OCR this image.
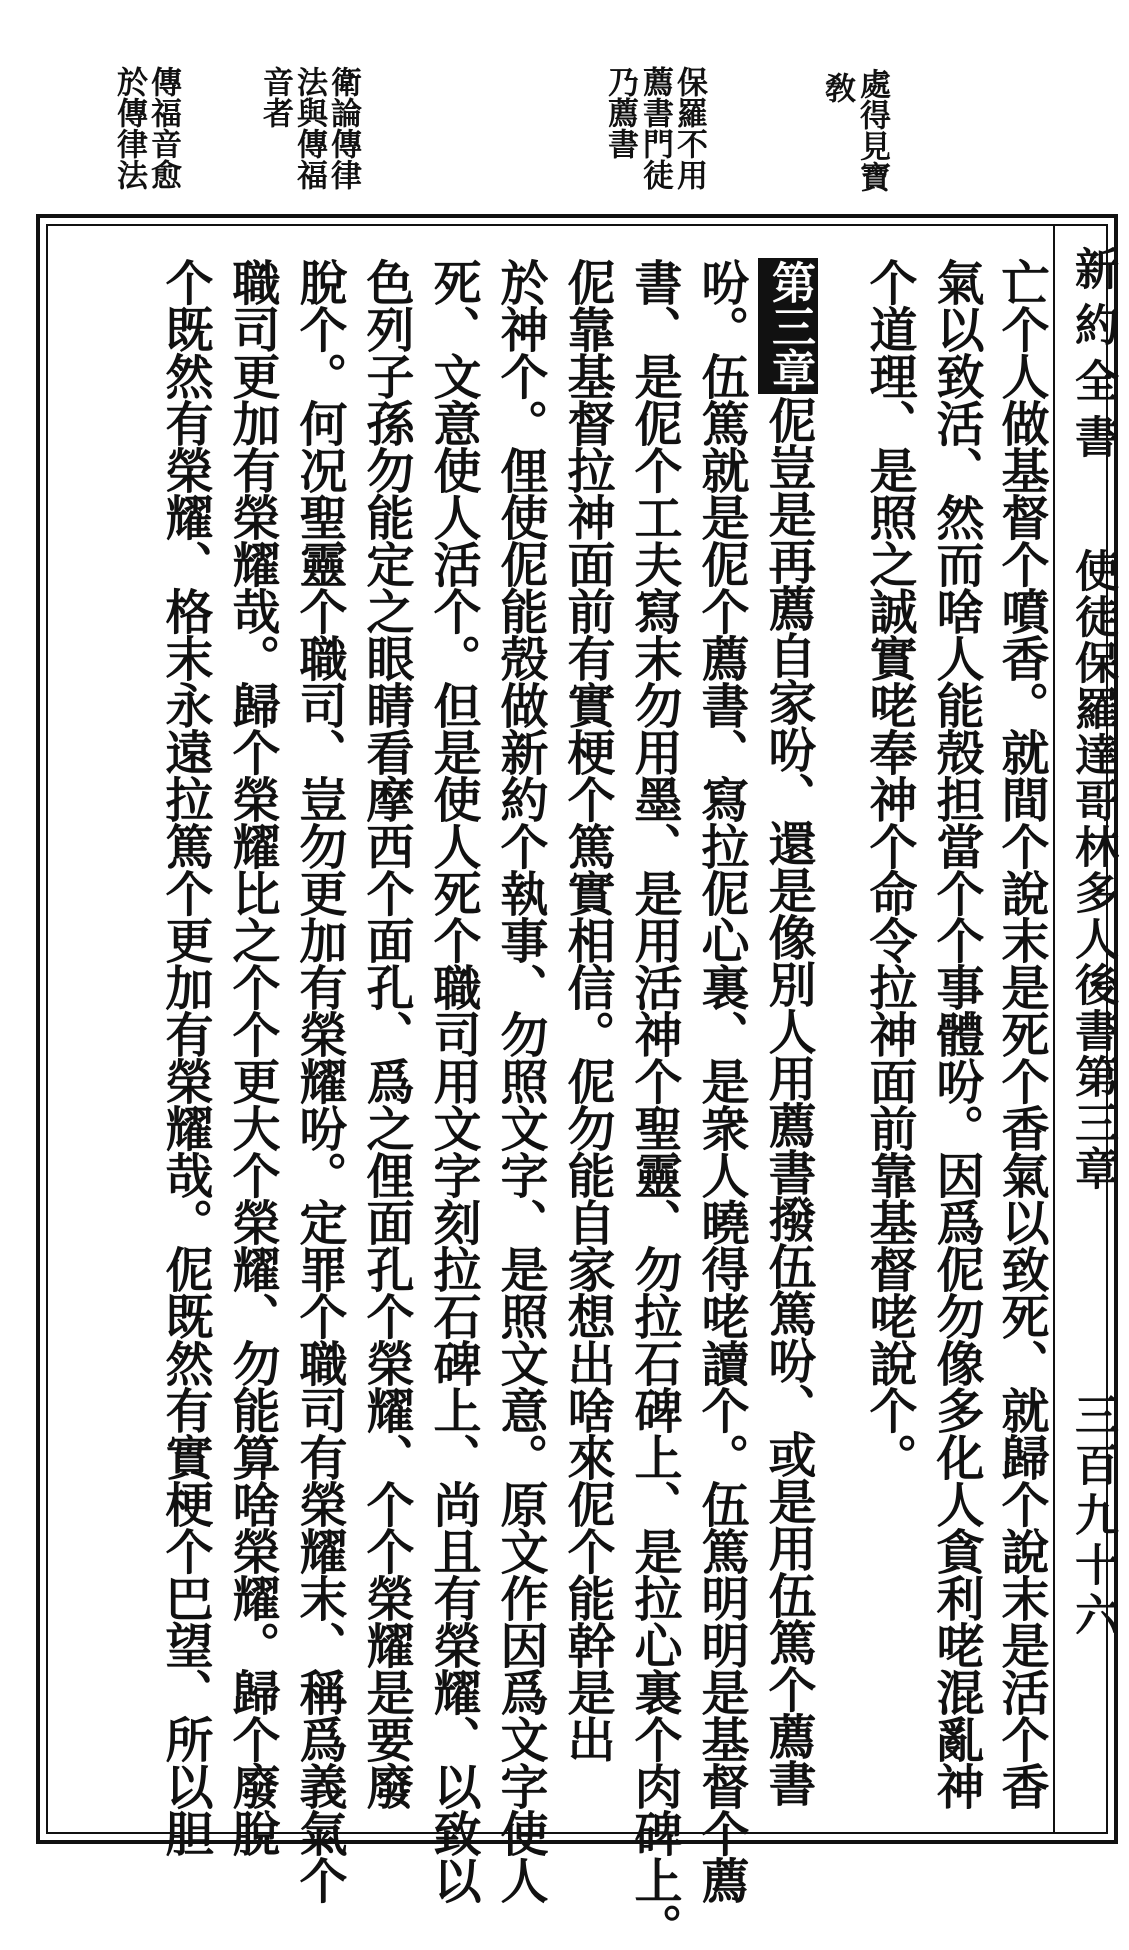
處得見寶
敎
保羅不用
薦書門徒
乃薦書
衛論傳律
法與傳福
音者
傳福音愈
於傳律法
新約全書
使徒保羅達哥林多人後書第三章
三百九十六
亡个人做基督个噴香。就間个說末是死个香氣以致死、就歸个說末是活个香
氣以致活、然而啥人能殻担當个个事體吩。因爲伲勿像多化人貪利咾混亂神
个道理、是照之誠實咾奉神个命令拉神面前靠基督咾說个。
第三章
伲豈是再薦自家吩、還是像別人用薦書撥伍篤吩、或是用伍篤个薦書
吩。伍篤就是伲个薦書、寫拉伲心裏、是衆人曉得咾讀个。伍篤明明是基督个薦
書、是伲个工夫寫末勿用墨、是用活神个聖靈、勿拉石碑上、是拉心裏个肉碑上。
伲靠基督拉神面前有實梗个篤實相信。伲勿能自家想出啥來伲个能幹是出
於神个。俚使伲能殻做新約个執事、勿照文字、是照文意。原文作因爲文字使人
死、文意使人活个。但是使人死个職司用文字刻拉石碑上、尚且有榮耀、以致以
色列子孫勿能定之眼睛看摩西个面孔、爲之俚面孔个榮耀、个个榮耀是要廢
脫个。何况聖靈个職司、豈勿更加有榮耀吩。定罪个職司有榮耀末、稱爲義氣个
職司更加有榮耀哉。歸个榮耀比之个个更大个榮耀、勿能算啥榮耀。歸个廢脫
个既然有榮耀、格末永遠拉篤个更加有榮耀哉。伲既然有實梗个巴望、所以胆
